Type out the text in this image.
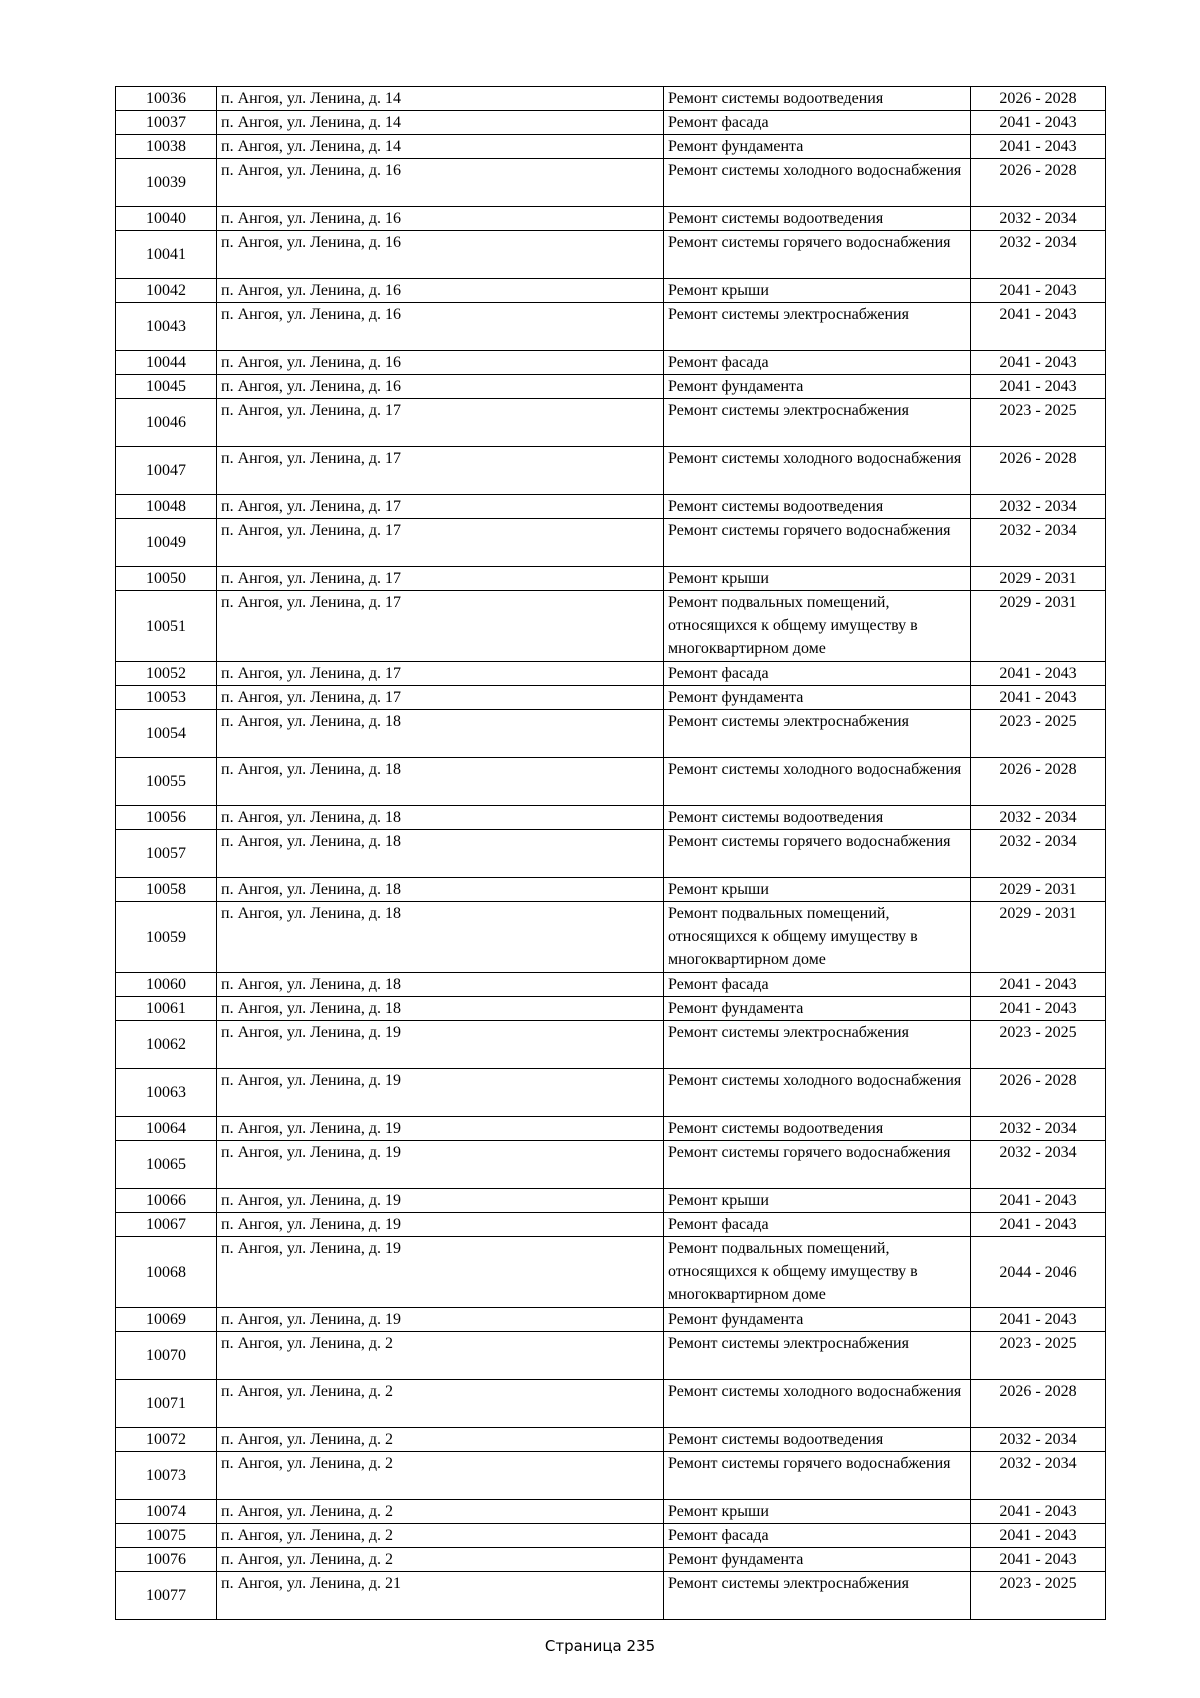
10036	п. Ангоя, ул. Ленина, д. 14	Ремонт системы водоотведения	2026 - 2028
10037	п. Ангоя, ул. Ленина, д. 14	Ремонт фасада	2041 - 2043
10038	п. Ангоя, ул. Ленина, д. 14	Ремонт фундамента	2041 - 2043
10039	п. Ангоя, ул. Ленина, д. 16	Ремонт системы холодного водоснабжения	2026 - 2028
10040	п. Ангоя, ул. Ленина, д. 16	Ремонт системы водоотведения	2032 - 2034
10041	п. Ангоя, ул. Ленина, д. 16	Ремонт системы горячего водоснабжения	2032 - 2034
10042	п. Ангоя, ул. Ленина, д. 16	Ремонт крыши	2041 - 2043
10043	п. Ангоя, ул. Ленина, д. 16	Ремонт системы электроснабжения	2041 - 2043
10044	п. Ангоя, ул. Ленина, д. 16	Ремонт фасада	2041 - 2043
10045	п. Ангоя, ул. Ленина, д. 16	Ремонт фундамента	2041 - 2043
10046	п. Ангоя, ул. Ленина, д. 17	Ремонт системы электроснабжения	2023 - 2025
10047	п. Ангоя, ул. Ленина, д. 17	Ремонт системы холодного водоснабжения	2026 - 2028
10048	п. Ангоя, ул. Ленина, д. 17	Ремонт системы водоотведения	2032 - 2034
10049	п. Ангоя, ул. Ленина, д. 17	Ремонт системы горячего водоснабжения	2032 - 2034
10050	п. Ангоя, ул. Ленина, д. 17	Ремонт крыши	2029 - 2031
10051	п. Ангоя, ул. Ленина, д. 17	Ремонт подвальных помещений, относящихся к общему имуществу в многоквартирном доме	2029 - 2031
10052	п. Ангоя, ул. Ленина, д. 17	Ремонт фасада	2041 - 2043
10053	п. Ангоя, ул. Ленина, д. 17	Ремонт фундамента	2041 - 2043
10054	п. Ангоя, ул. Ленина, д. 18	Ремонт системы электроснабжения	2023 - 2025
10055	п. Ангоя, ул. Ленина, д. 18	Ремонт системы холодного водоснабжения	2026 - 2028
10056	п. Ангоя, ул. Ленина, д. 18	Ремонт системы водоотведения	2032 - 2034
10057	п. Ангоя, ул. Ленина, д. 18	Ремонт системы горячего водоснабжения	2032 - 2034
10058	п. Ангоя, ул. Ленина, д. 18	Ремонт крыши	2029 - 2031
10059	п. Ангоя, ул. Ленина, д. 18	Ремонт подвальных помещений, относящихся к общему имуществу в многоквартирном доме	2029 - 2031
10060	п. Ангоя, ул. Ленина, д. 18	Ремонт фасада	2041 - 2043
10061	п. Ангоя, ул. Ленина, д. 18	Ремонт фундамента	2041 - 2043
10062	п. Ангоя, ул. Ленина, д. 19	Ремонт системы электроснабжения	2023 - 2025
10063	п. Ангоя, ул. Ленина, д. 19	Ремонт системы холодного водоснабжения	2026 - 2028
10064	п. Ангоя, ул. Ленина, д. 19	Ремонт системы водоотведения	2032 - 2034
10065	п. Ангоя, ул. Ленина, д. 19	Ремонт системы горячего водоснабжения	2032 - 2034
10066	п. Ангоя, ул. Ленина, д. 19	Ремонт крыши	2041 - 2043
10067	п. Ангоя, ул. Ленина, д. 19	Ремонт фасада	2041 - 2043
10068	п. Ангоя, ул. Ленина, д. 19	Ремонт подвальных помещений, относящихся к общему имуществу в многоквартирном доме	2044 - 2046
10069	п. Ангоя, ул. Ленина, д. 19	Ремонт фундамента	2041 - 2043
10070	п. Ангоя, ул. Ленина, д. 2	Ремонт системы электроснабжения	2023 - 2025
10071	п. Ангоя, ул. Ленина, д. 2	Ремонт системы холодного водоснабжения	2026 - 2028
10072	п. Ангоя, ул. Ленина, д. 2	Ремонт системы водоотведения	2032 - 2034
10073	п. Ангоя, ул. Ленина, д. 2	Ремонт системы горячего водоснабжения	2032 - 2034
10074	п. Ангоя, ул. Ленина, д. 2	Ремонт крыши	2041 - 2043
10075	п. Ангоя, ул. Ленина, д. 2	Ремонт фасада	2041 - 2043
10076	п. Ангоя, ул. Ленина, д. 2	Ремонт фундамента	2041 - 2043
10077	п. Ангоя, ул. Ленина, д. 21	Ремонт системы электроснабжения	2023 - 2025
Страница 235
